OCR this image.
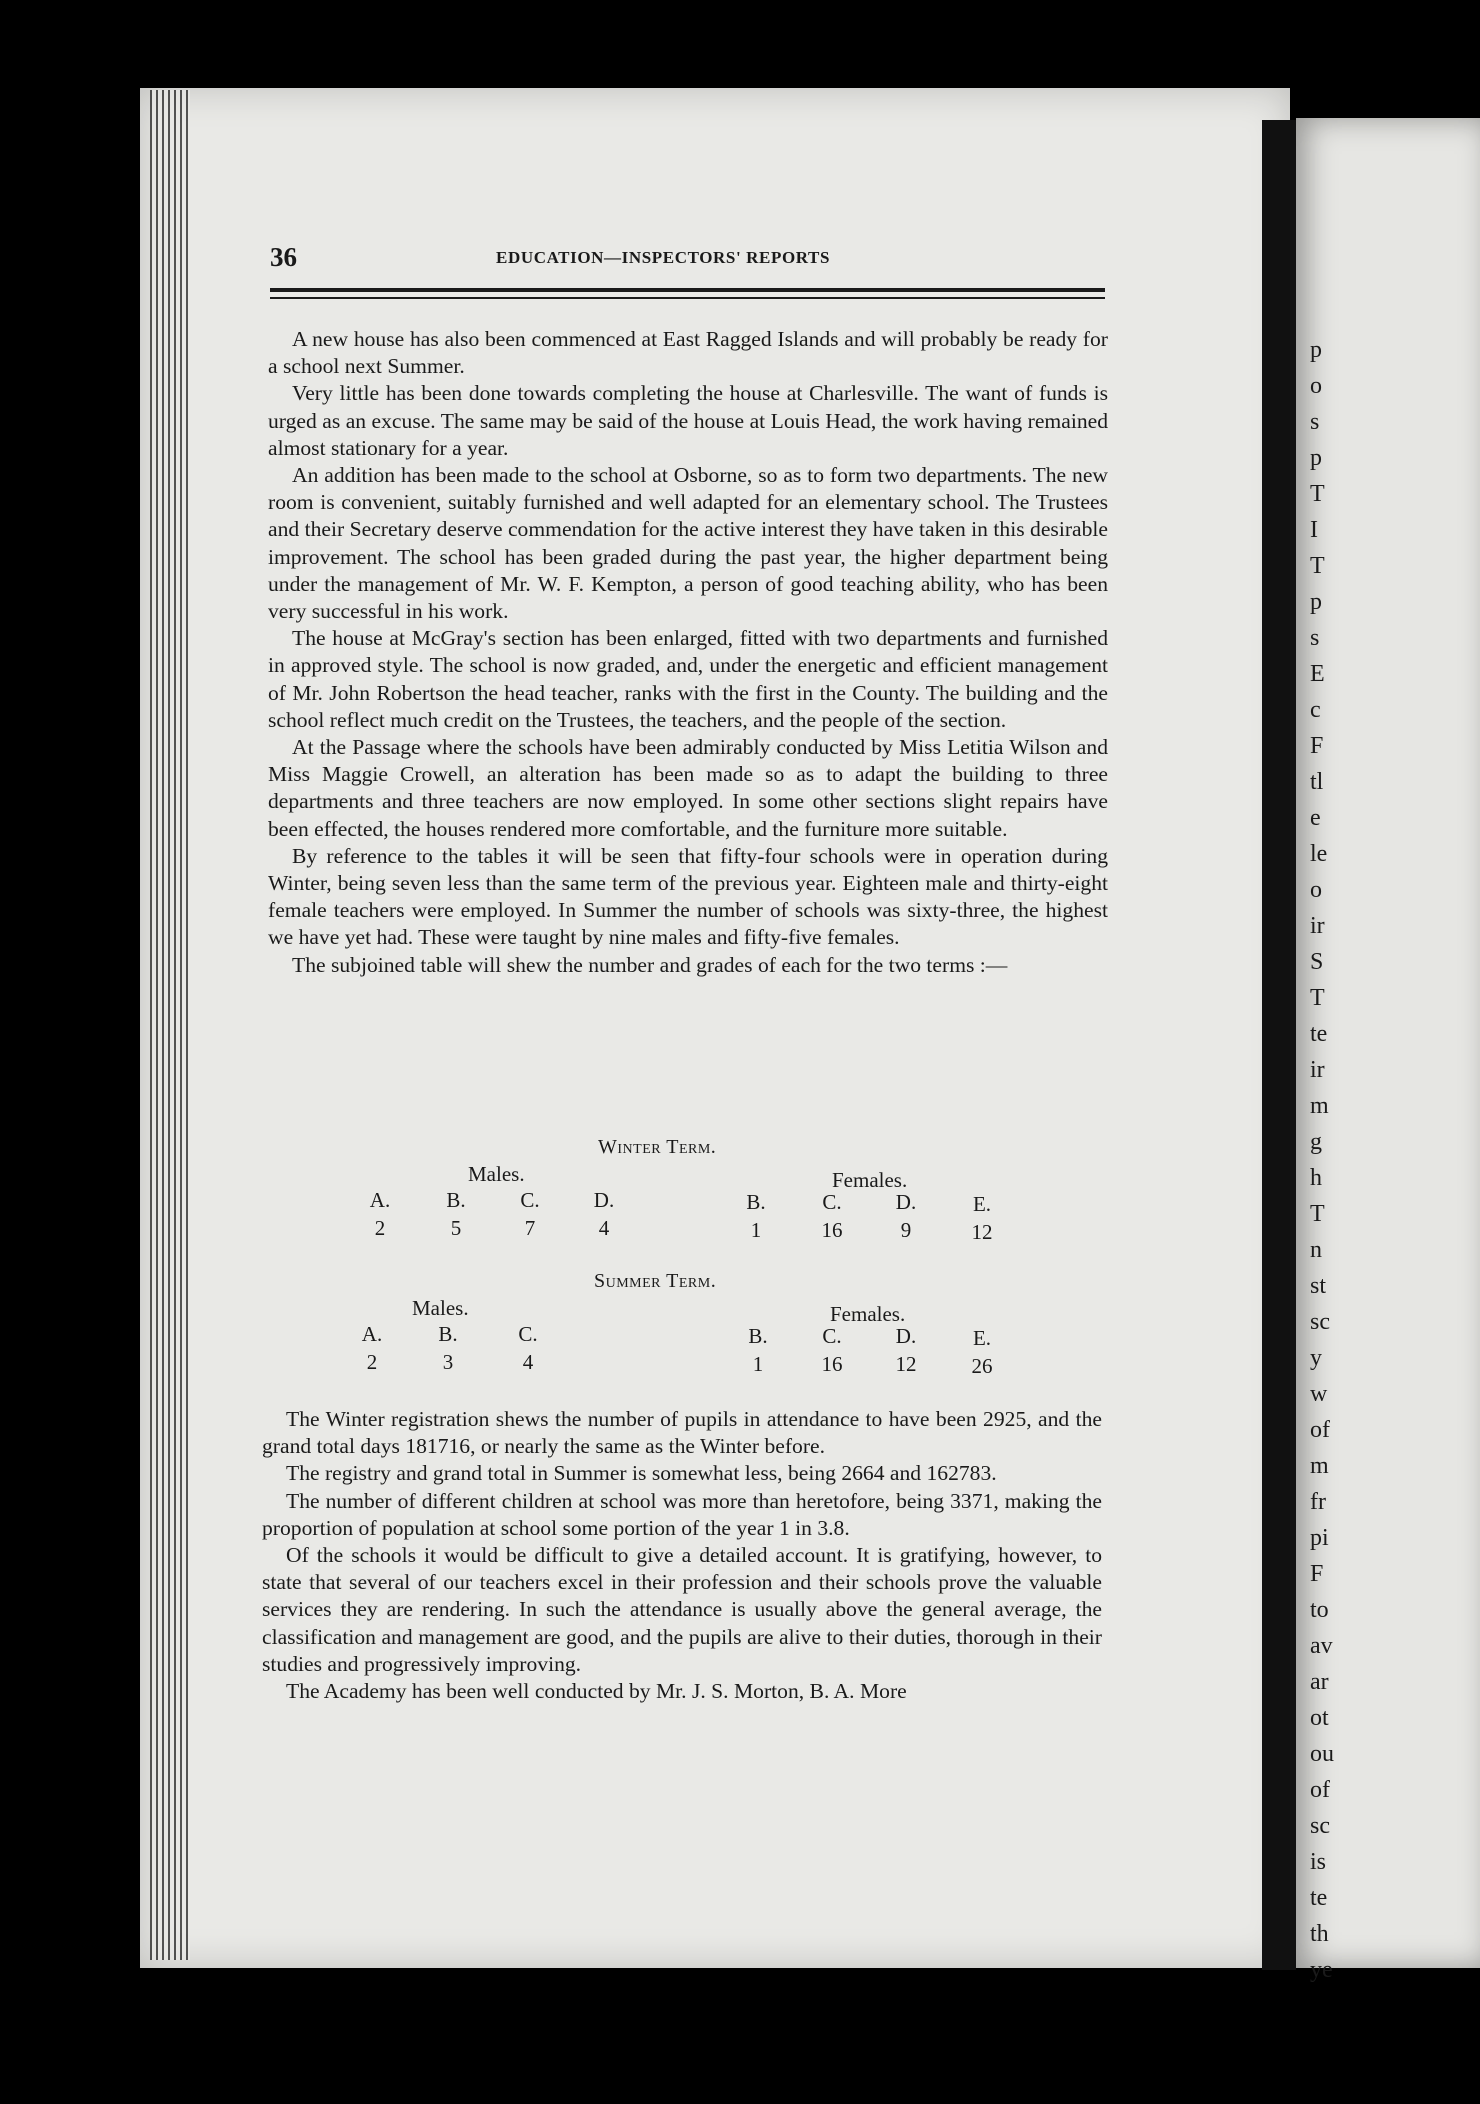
p
o
s
p
T
I
T
p
s
E
c
F
tl
e
le
o
ir
S
T
te
ir
m
g
h
T
n
st
sc
y
w
of
m
fr
pi
F
to
av
ar
ot
ou
of
sc
is
te
th
ye
36	EDUCATION—INSPECTORS' REPORTS

A new house has also been commenced at East Ragged Islands and will probably be ready for a school next Summer.

Very little has been done towards completing the house at Charlesville. The want of funds is urged as an excuse. The same may be said of the house at Louis Head, the work having remained almost stationary for a year.

An addition has been made to the school at Osborne, so as to form two departments. The new room is convenient, suitably furnished and well adapted for an elementary school. The Trustees and their Secretary deserve commendation for the active interest they have taken in this desirable improvement. The school has been graded during the past year, the higher department being under the management of Mr. W. F. Kempton, a person of good teaching ability, who has been very successful in his work.

The house at McGray's section has been enlarged, fitted with two departments and furnished in approved style. The school is now graded, and, under the energetic and efficient management of Mr. John Robertson the head teacher, ranks with the first in the County. The building and the school reflect much credit on the Trustees, the teachers, and the people of the section.

At the Passage where the schools have been admirably conducted by Miss Letitia Wilson and Miss Maggie Crowell, an alteration has been made so as to adapt the building to three departments and three teachers are now employed. In some other sections slight repairs have been effected, the houses rendered more comfortable, and the furniture more suitable.

By reference to the tables it will be seen that fifty-four schools were in operation during Winter, being seven less than the same term of the previous year. Eighteen male and thirty-eight female teachers were employed. In Summer the number of schools was sixty-three, the highest we have yet had. These were taught by nine males and fifty-five females.

The subjoined table will shew the number and grades of each for the two terms :—

Winter Term.
Males.	Females.
A.	B.	C.	D.	B.	C.	D.	E.
2	5	7	4	1	16	9	12
Summer Term.
Males.	Females.
A.	B.	C.	B.	C.	D.	E.
2	3	4	1	16	12	26

The Winter registration shews the number of pupils in attendance to have been 2925, and the grand total days 181716, or nearly the same as the Winter before.

The registry and grand total in Summer is somewhat less, being 2664 and 162783.

The number of different children at school was more than heretofore, being 3371, making the proportion of population at school some portion of the year 1 in 3.8.

Of the schools it would be difficult to give a detailed account. It is gratifying, however, to state that several of our teachers excel in their profession and their schools prove the valuable services they are rendering. In such the attendance is usually above the general average, the classification and management are good, and the pupils are alive to their duties, thorough in their studies and progressively improving.

The Academy has been well conducted by Mr. J. S. Morton, B. A. More
